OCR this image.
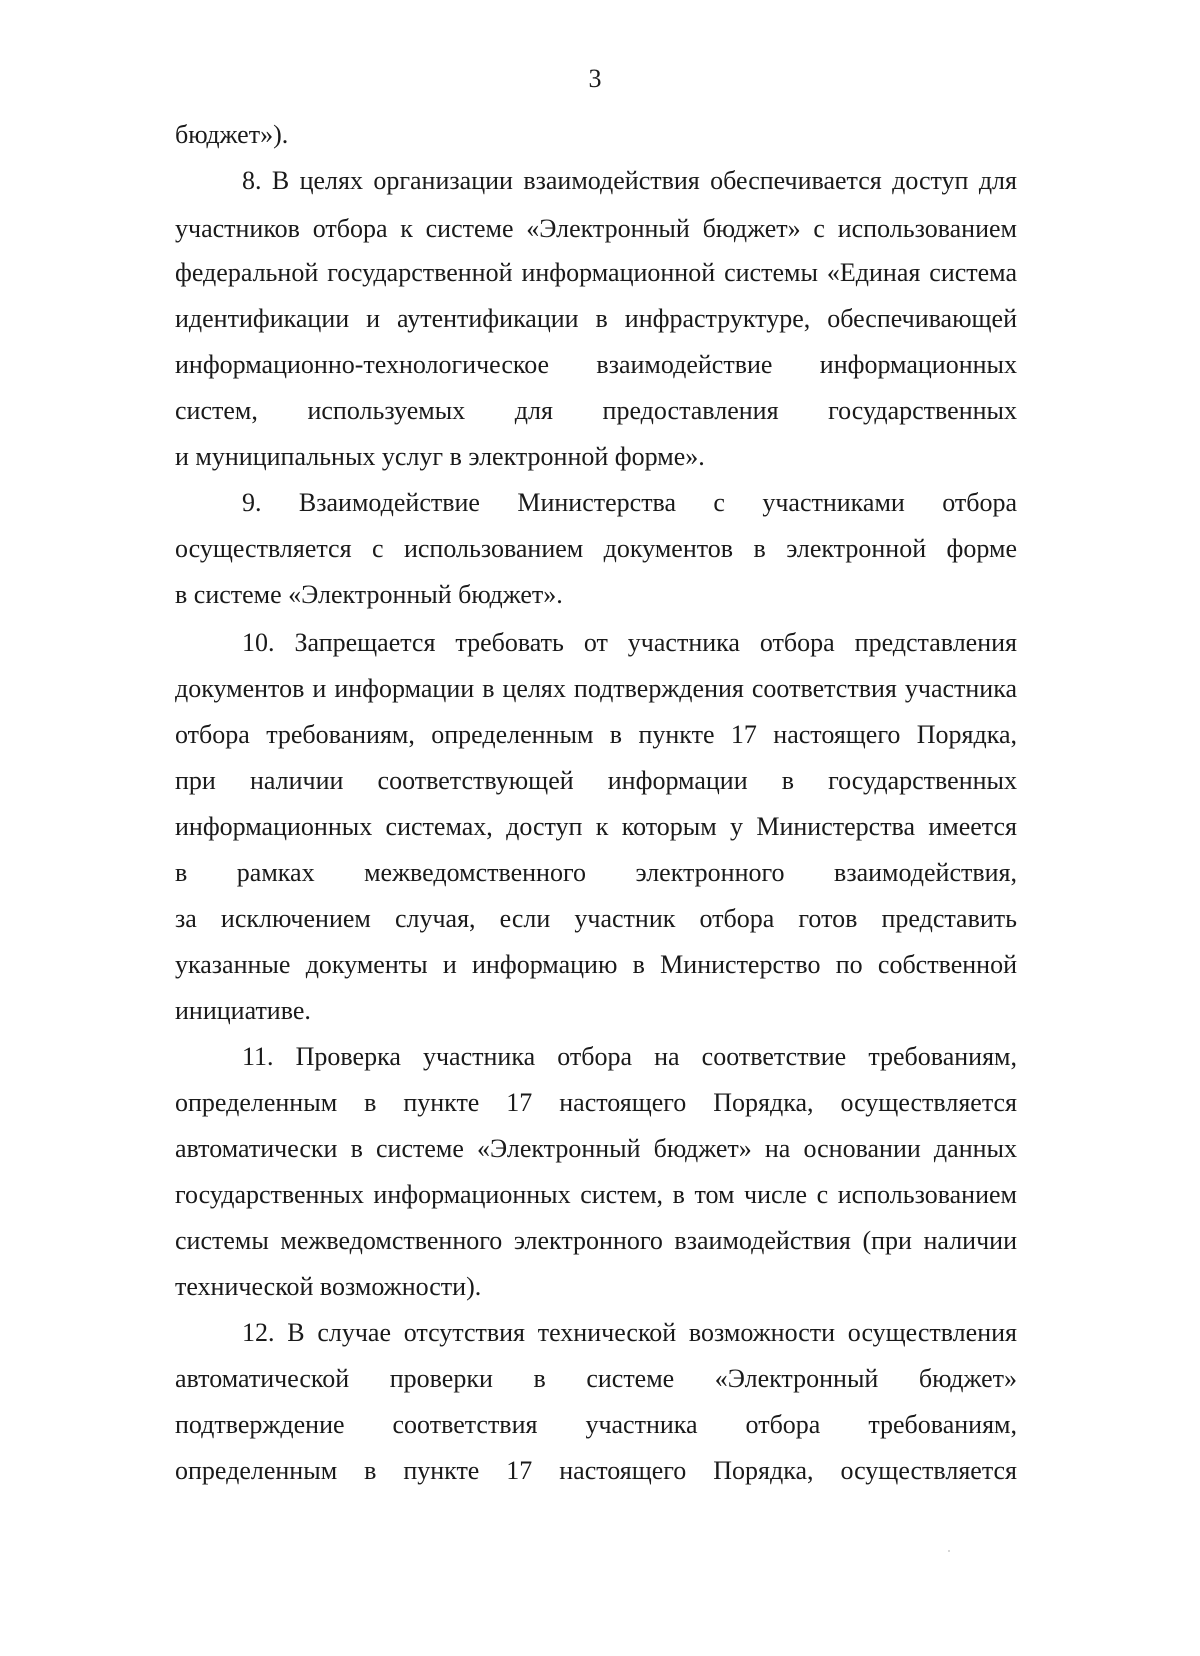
3
бюджет»).
8. В целях организации взаимодействия обеспечивается доступ для
участников отбора к системе «Электронный бюджет» с использованием
федеральной государственной информационной системы «Единая система
идентификации и аутентификации в инфраструктуре, обеспечивающей
информационно-технологическое взаимодействие информационных
систем, используемых для предоставления государственных
и муниципальных услуг в электронной форме».
9. Взаимодействие Министерства с участниками отбора
осуществляется с использованием документов в электронной форме
в системе «Электронный бюджет».
10. Запрещается требовать от участника отбора представления
документов и информации в целях подтверждения соответствия участника
отбора требованиям, определенным в пункте 17 настоящего Порядка,
при наличии соответствующей информации в государственных
информационных системах, доступ к которым у Министерства имеется
в рамках межведомственного электронного взаимодействия,
за исключением случая, если участник отбора готов представить
указанные документы и информацию в Министерство по собственной
инициативе.
11. Проверка участника отбора на соответствие требованиям,
определенным в пункте 17 настоящего Порядка, осуществляется
автоматически в системе «Электронный бюджет» на основании данных
государственных информационных систем, в том числе с использованием
системы межведомственного электронного взаимодействия (при наличии
технической возможности).
12. В случае отсутствия технической возможности осуществления
автоматической проверки в системе «Электронный бюджет»
подтверждение соответствия участника отбора требованиям,
определенным в пункте 17 настоящего Порядка, осуществляется
